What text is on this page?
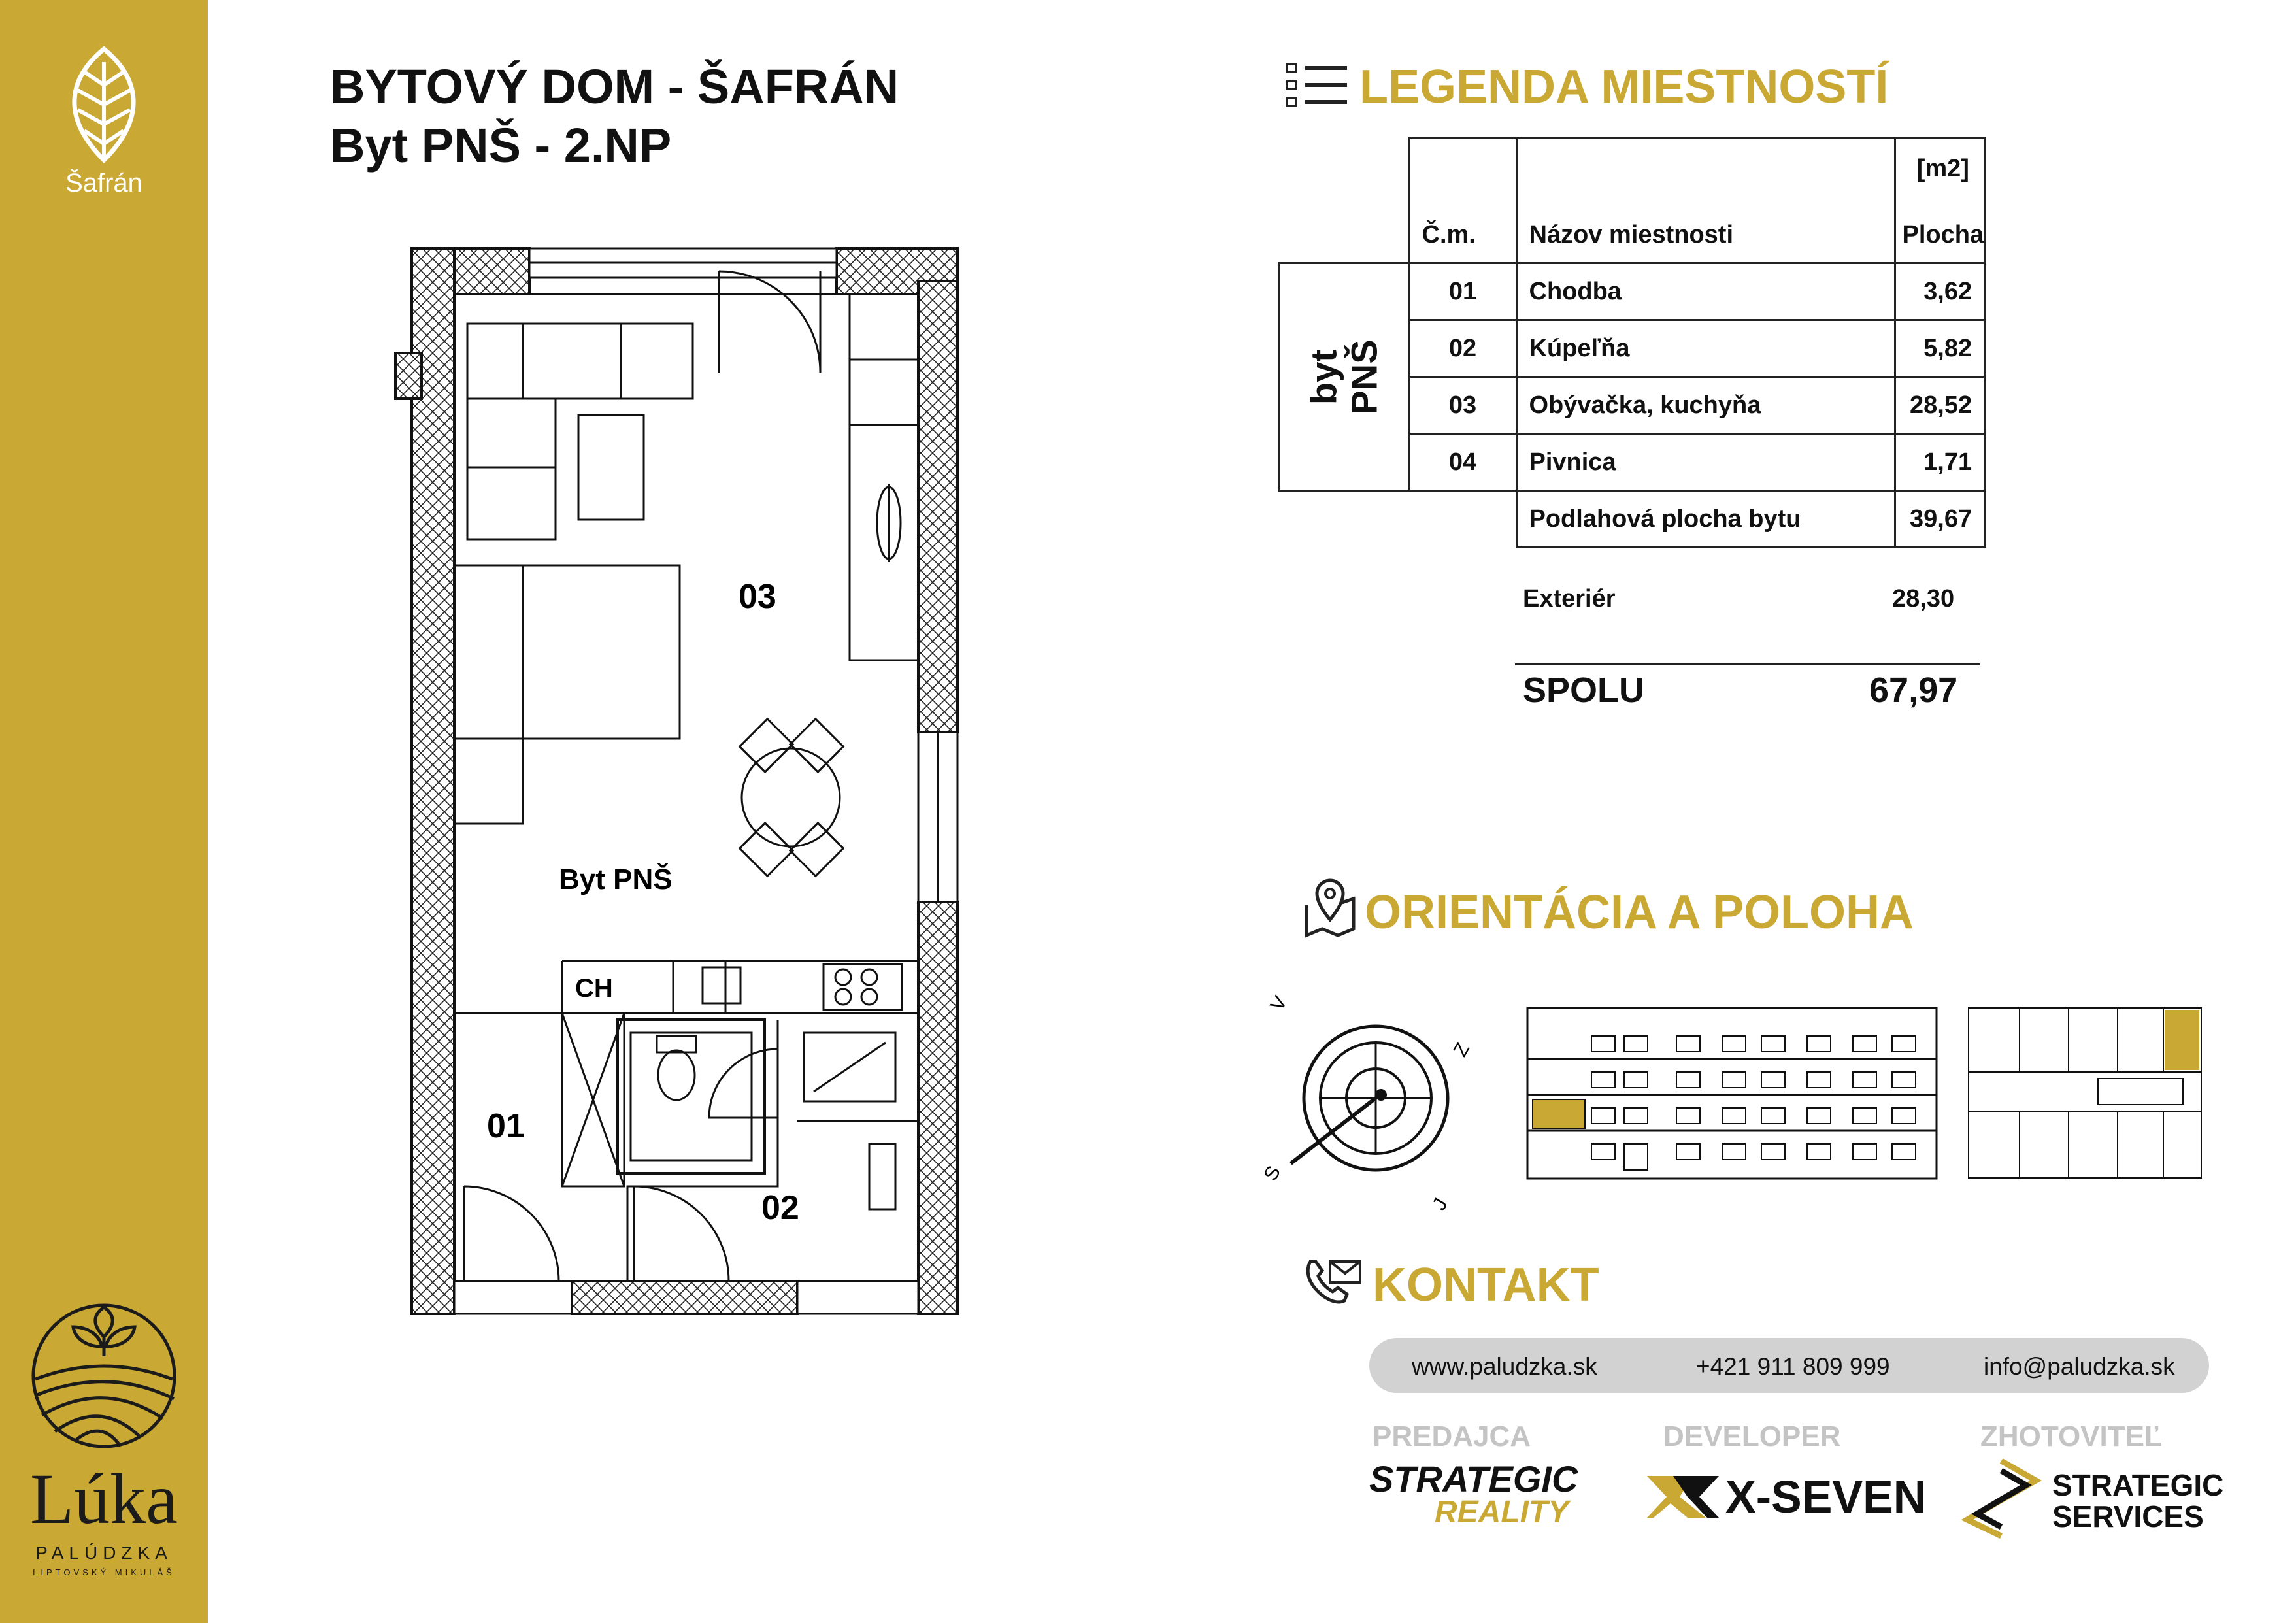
Šafrán
Lúka
PALÚDZKA
LIPTOVSKÝ MIKULÁŠ
BYTOVÝ DOM - ŠAFRÁN
Byt PNŠ - 2.NP
03
Byt PNŠ
CH
01
02
LEGENDA MIESTNOSTÍ
	Č.m.	Názov miestnosti	[m2]
Plocha

byt PNŠ	01	Chodba	3,62
	02	Kúpeľňa	5,82
	03	Obývačka, kuchyňa	28,52
	04	Pivnica	1,71
		Podlahová plocha bytu	39,67
Exteriér	28,30
SPOLU	67,97
ORIENTÁCIA A POLOHA
S
J
V
Z
KONTAKT
www.paludzka.sk	+421 911 809 999	info@paludzka.sk
PREDAJCA	DEVELOPER	ZHOTOVITEĽ
STRATEGIC
REALITY	X-SEVEN	STRATEGIC
SERVICES
